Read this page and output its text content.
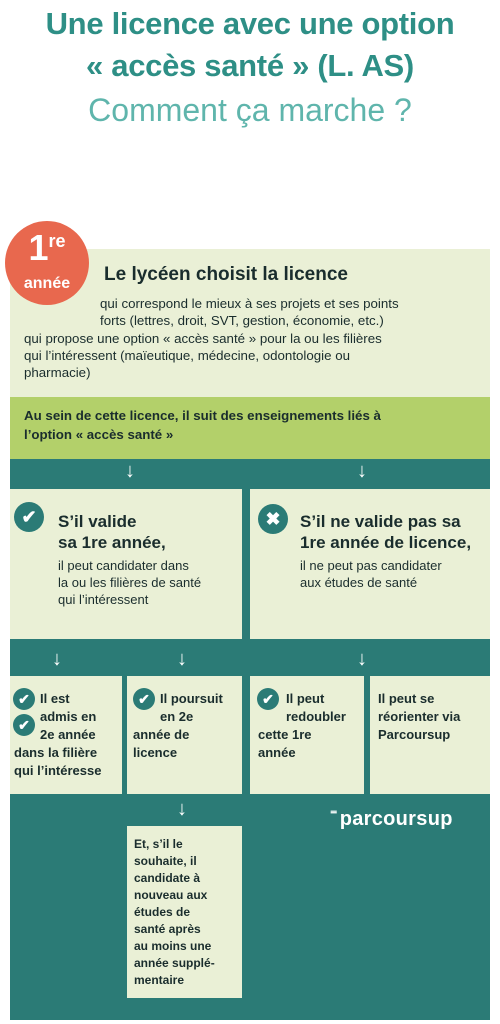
Une licence avec une option
« accès santé » (L. AS)
Comment ça marche ?
1re
année	Le lycéen choisit la licence
qui correspond le mieux à ses projets et ses points
forts (lettres, droit, SVT, gestion, économie, etc.)
qui propose une option « accès santé » pour la ou les filières
qui l’intéressent (maïeutique, médecine, odontologie ou
pharmacie)
Au sein de cette licence, il suit des enseignements liés à
l’option « accès santé »
↓	↓
✔	S’il valide
sa 1re année,
il peut candidater dans
la ou les filières de santé
qui l’intéressent
✖	S’il ne valide pas sa
1re année de licence,
il ne peut pas candidater
aux études de santé
↓	↓	↓
✔
✔
Il est
admis en
2e année
dans la filière
qui l’intéresse
✔ Il poursuit
en 2e
année de
licence
✔ Il peut
redoubler
cette 1re
année
Il peut se
réorienter via
Parcoursup
↓	⁼ parcoursup
Et, s’il le
souhaite, il
candidate à
nouveau aux
études de
santé après
au moins une
année supplé-
mentaire
